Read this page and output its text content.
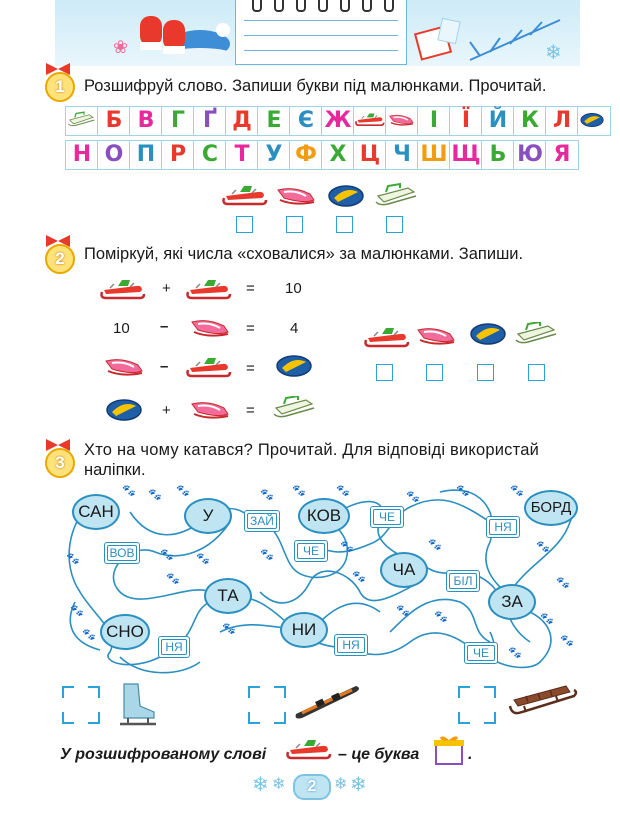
❀	❄
1	Розшифруй слово. Запиши букви під малюнками. Прочитай.
Б В Г Ґ Д Е Є Ж	І	Ї Й К Л
Н О П Р С Т У Ф Х Ц Ч Ш Щ Ь Ю Я
2	Поміркуй, які числа «сховалися» за малюнками. Запиши.
+	= 10
10 –	= 4
–	=
+	=
3
Хто на чому катався? Прочитай. Для відповіді використай
наліпки.
САН	У	КОВ	БОРД
ЧА
ТА	ЗА
СНО	НИ
ЗАЙ	ЧЕ
НЯ
ВОВ	ЧЕ
БІЛ
НЯ	НЯ
ЧЕ
🐾 🐾 🐾	🐾 🐾	🐾	🐾	🐾	🐾
🐾	🐾 🐾	🐾
🐾	🐾	🐾
🐾
🐾	🐾
🐾
🐾	🐾
🐾 🐾	🐾
🐾
🐾
У розшифрованому слові	– це буква	.
❄ ❄	2	❄ ❄
